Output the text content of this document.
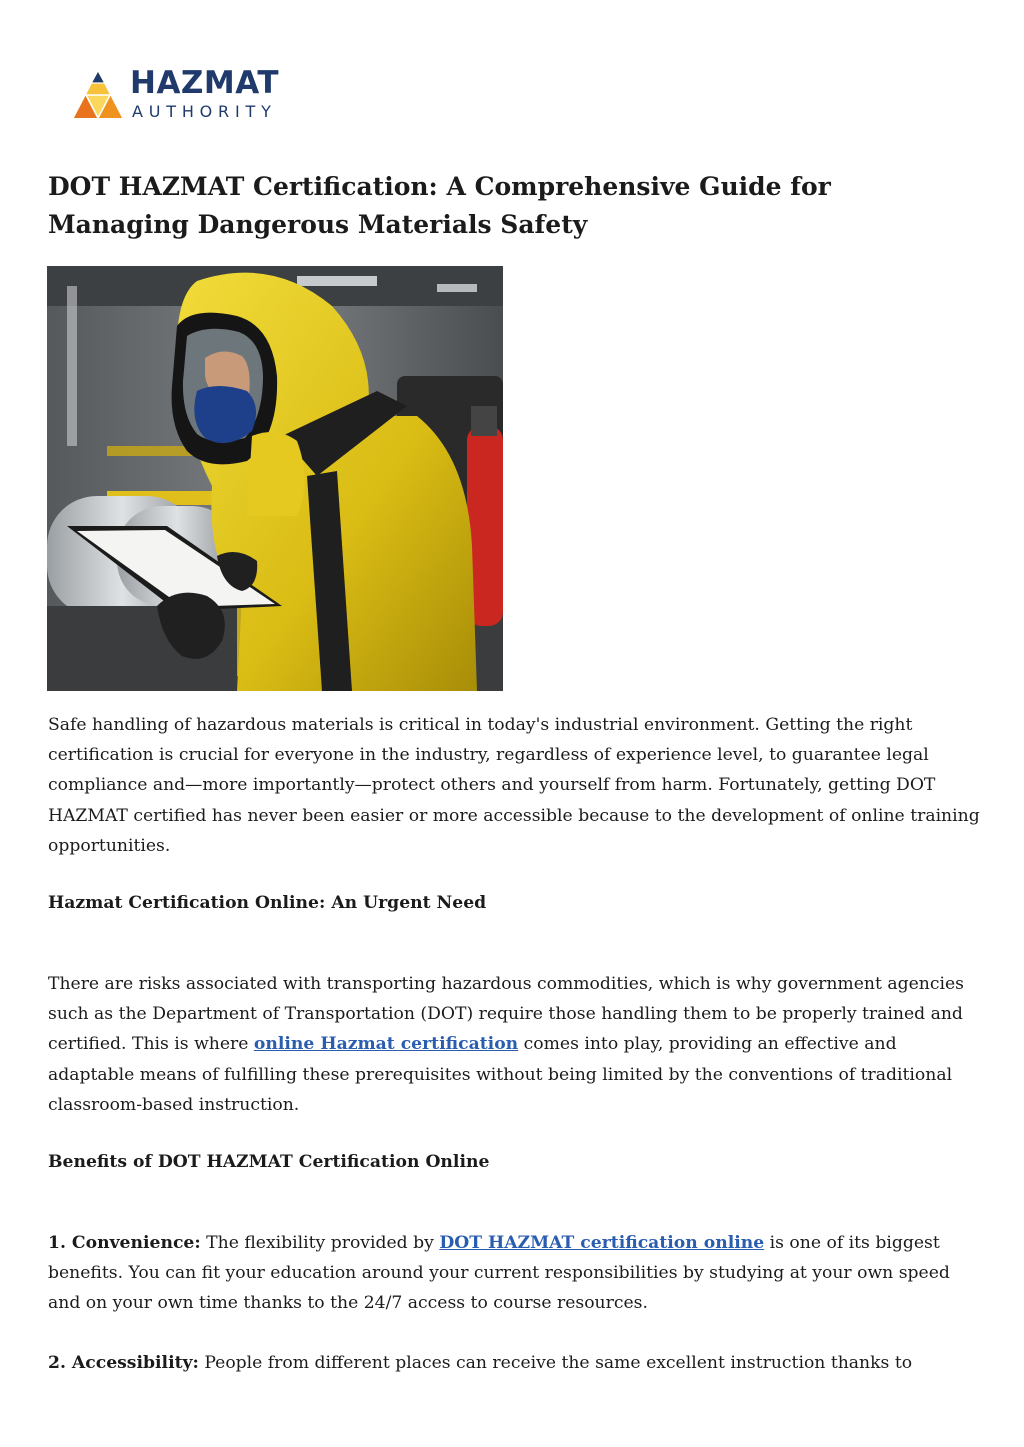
HAZMAT
AUTHORITY
DOT HAZMAT Certification: A Comprehensive Guide for Managing Dangerous Materials Safety

Safe handling of hazardous materials is critical in today's industrial environment. Getting the right certification is crucial for everyone in the industry, regardless of experience level, to guarantee legal compliance and—more importantly—protect others and yourself from harm. Fortunately, getting DOT HAZMAT certified has never been easier or more accessible because to the development of online training opportunities.

Hazmat Certification Online: An Urgent Need

There are risks associated with transporting hazardous commodities, which is why government agencies such as the Department of Transportation (DOT) require those handling them to be properly trained and certified. This is where online Hazmat certification comes into play, providing an effective and adaptable means of fulfilling these prerequisites without being limited by the conventions of traditional classroom-based instruction.

Benefits of DOT HAZMAT Certification Online

1. Convenience: The flexibility provided by DOT HAZMAT certification online is one of its biggest benefits. You can fit your education around your current responsibilities by studying at your own speed and on your own time thanks to the 24/7 access to course resources.

2. Accessibility: People from different places can receive the same excellent instruction thanks to
